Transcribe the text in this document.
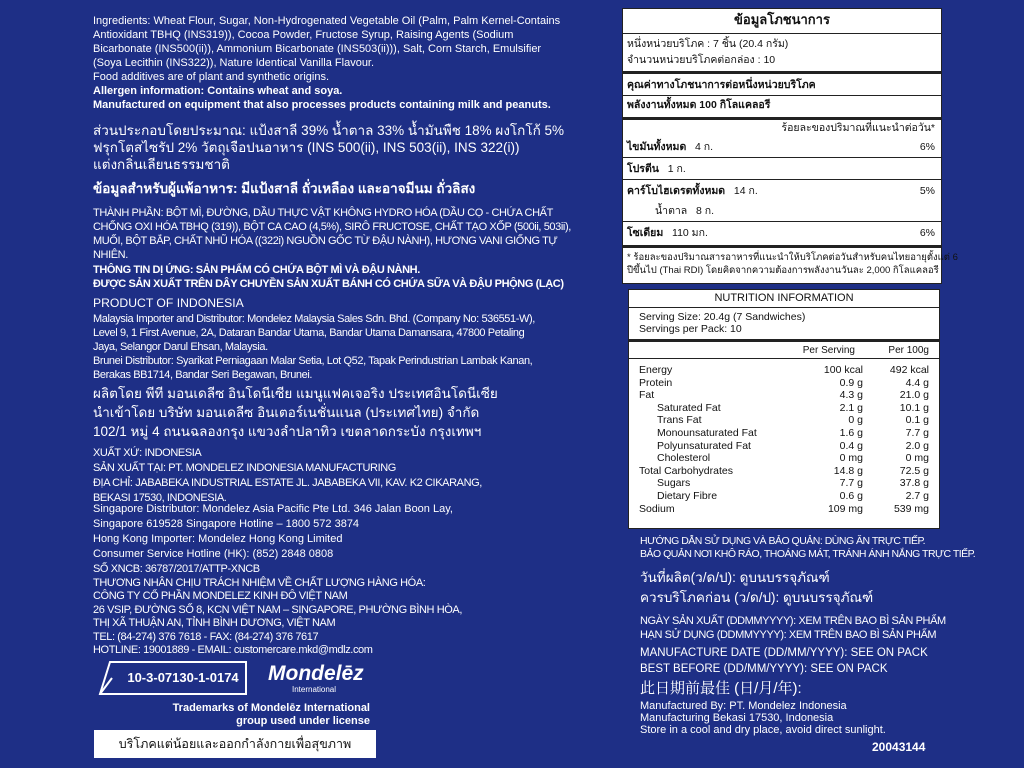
Ingredients: Wheat Flour, Sugar, Non-Hydrogenated Vegetable Oil (Palm, Palm Kernel-Contains
Antioxidant TBHQ (INS319)), Cocoa Powder, Fructose Syrup, Raising Agents (Sodium
Bicarbonate (INS500(ii)), Ammonium Bicarbonate (INS503(ii))), Salt, Corn Starch, Emulsifier
(Soya Lecithin (INS322)), Nature Identical Vanilla Flavour.
Food additives are of plant and synthetic origins.
Allergen information: Contains wheat and soya.
Manufactured on equipment that also processes products containing milk and peanuts.
ส่วนประกอบโดยประมาณ: แป้งสาลี 39% น้ำตาล 33% น้ำมันพืช 18% ผงโกโก้ 5%
ฟรุกโตสไซรัป 2% วัตถุเจือปนอาหาร (INS 500(ii), INS 503(ii), INS 322(i))
แต่งกลิ่นเลียนธรรมชาติ
ข้อมูลสำหรับผู้แพ้อาหาร: มีแป้งสาลี ถั่วเหลือง และอาจมีนม ถั่วลิสง
THÀNH PHẦN: BỘT MÌ, ĐƯỜNG, DẦU THỰC VẬT KHÔNG HYDRO HÓA (DẦU CỌ - CHỨA CHẤT
CHỐNG OXI HÓA TBHQ (319)), BỘT CA CAO (4,5%), SIRÔ FRUCTOSE, CHẤT TẠO XỐP (500ii, 503ii),
MUỐI, BỘT BẮP, CHẤT NHŨ HÓA ((322i) NGUỒN GỐC TỪ ĐẬU NÀNH), HƯƠNG VANI GIỐNG TỰ
NHIÊN.
THÔNG TIN DỊ ỨNG: SẢN PHẨM CÓ CHỨA BỘT MÌ VÀ ĐẬU NÀNH.
ĐƯỢC SẢN XUẤT TRÊN DÂY CHUYỀN SẢN XUẤT BÁNH CÓ CHỨA SỮA VÀ ĐẬU PHỘNG (LẠC)
PRODUCT OF INDONESIA
Malaysia Importer and Distributor: Mondelez Malaysia Sales Sdn. Bhd. (Company No: 536551-W),
Level 9, 1 First Avenue, 2A, Dataran Bandar Utama, Bandar Utama Damansara, 47800 Petaling
Jaya, Selangor Darul Ehsan, Malaysia.
Brunei Distributor: Syarikat Perniagaan Malar Setia, Lot Q52, Tapak Perindustrian Lambak Kanan,
Berakas BB1714, Bandar Seri Begawan, Brunei.
ผลิตโดย พีที มอนเดลีซ อินโดนีเซีย แมนูแฟคเจอริง ประเทศอินโดนีเซีย
นำเข้าโดย บริษัท มอนเดลีซ อินเตอร์เนชั่นแนล (ประเทศไทย) จำกัด
102/1 หมู่ 4 ถนนฉลองกรุง แขวงลำปลาทิว เขตลาดกระบัง กรุงเทพฯ
XUẤT XỨ: INDONESIA
SẢN XUẤT TẠI: PT. MONDELEZ INDONESIA MANUFACTURING
ĐỊA CHỈ: JABABEKA INDUSTRIAL ESTATE JL. JABABEKA VII, KAV. K2 CIKARANG,
BEKASI 17530, INDONESIA.
Singapore Distributor: Mondelez Asia Pacific Pte Ltd. 346 Jalan Boon Lay,
Singapore 619528 Singapore Hotline – 1800 572 3874
Hong Kong Importer: Mondelez Hong Kong Limited
Consumer Service Hotline (HK): (852) 2848 0808
SỐ XNCB: 36787/2017/ATTP-XNCB
THƯƠNG NHÂN CHỊU TRÁCH NHIỆM VỀ CHẤT LƯỢNG HÀNG HÓA:
CÔNG TY CỔ PHẦN MONDELEZ KINH ĐÔ VIỆT NAM
26 VSIP, ĐƯỜNG SỐ 8, KCN VIỆT NAM – SINGAPORE, PHƯỜNG BÌNH HÒA,
THỊ XÃ THUẬN AN, TỈNH BÌNH DƯƠNG, VIỆT NAM
TEL: (84-274) 376 7618 - FAX: (84-274) 376 7617
HOTLINE: 19001889 - EMAIL: customercare.mkd@mdlz.com
10-3-07130-1-0174	Mondelēz
International
Trademarks of Mondelēz International
group used under license
บริโภคแต่น้อยและออกกำลังกายเพื่อสุขภาพ
ข้อมูลโภชนาการ
หนึ่งหน่วยบริโภค : 7 ชิ้น (20.4 กรัม)
จำนวนหน่วยบริโภคต่อกล่อง : 10
คุณค่าทางโภชนาการต่อหนึ่งหน่วยบริโภค
พลังงานทั้งหมด 100 กิโลแคลอรี
ร้อยละของปริมาณที่แนะนำต่อวัน*
ไขมันทั้งหมด 4 ก.	6%
โปรตีน 1 ก.
คาร์โบไฮเดรตทั้งหมด 14 ก.	5%
น้ำตาล 8 ก.
โซเดียม 110 มก.	6%
* ร้อยละของปริมาณสารอาหารที่แนะนำให้บริโภคต่อวันสำหรับคนไทยอายุตั้งแต่ 6
ปีขึ้นไป (Thai RDI) โดยคิดจากความต้องการพลังงานวันละ 2,000 กิโลแคลอรี
NUTRITION INFORMATION
Serving Size: 20.4g (7 Sandwiches)
Servings per Pack: 10
Per Serving	Per 100g
Energy	100 kcal	492 kcal
Protein	0.9 g	4.4 g
Fat	4.3 g	21.0 g
Saturated Fat	2.1 g	10.1 g
Trans Fat	0 g	0.1 g
Monounsaturated Fat	1.6 g	7.7 g
Polyunsaturated Fat	0.4 g	2.0 g
Cholesterol	0 mg	0 mg
Total Carbohydrates	14.8 g	72.5 g
Sugars	7.7 g	37.8 g
Dietary Fibre	0.6 g	2.7 g
Sodium	109 mg	539 mg
HƯỚNG DẪN SỬ DỤNG VÀ BẢO QUẢN: DÙNG ĂN TRỰC TIẾP.
BẢO QUẢN NƠI KHÔ RÁO, THOÁNG MÁT, TRÁNH ÁNH NẮNG TRỰC TIẾP.
วันที่ผลิต(ว/ด/ป): ดูบนบรรจุภัณฑ์
ควรบริโภคก่อน (ว/ด/ป): ดูบนบรรจุภัณฑ์
NGÀY SẢN XUẤT (DDMMYYYY): XEM TRÊN BAO BÌ SẢN PHẨM
HẠN SỬ DỤNG (DDMMYYYY): XEM TRÊN BAO BÌ SẢN PHẨM
MANUFACTURE DATE (DD/MM/YYYY): SEE ON PACK
BEST BEFORE (DD/MM/YYYY): SEE ON PACK
此日期前最佳 (日/月/年):
Manufactured By: PT. Mondelez Indonesia
Manufacturing Bekasi 17530, Indonesia
Store in a cool and dry place, avoid direct sunlight.
20043144
